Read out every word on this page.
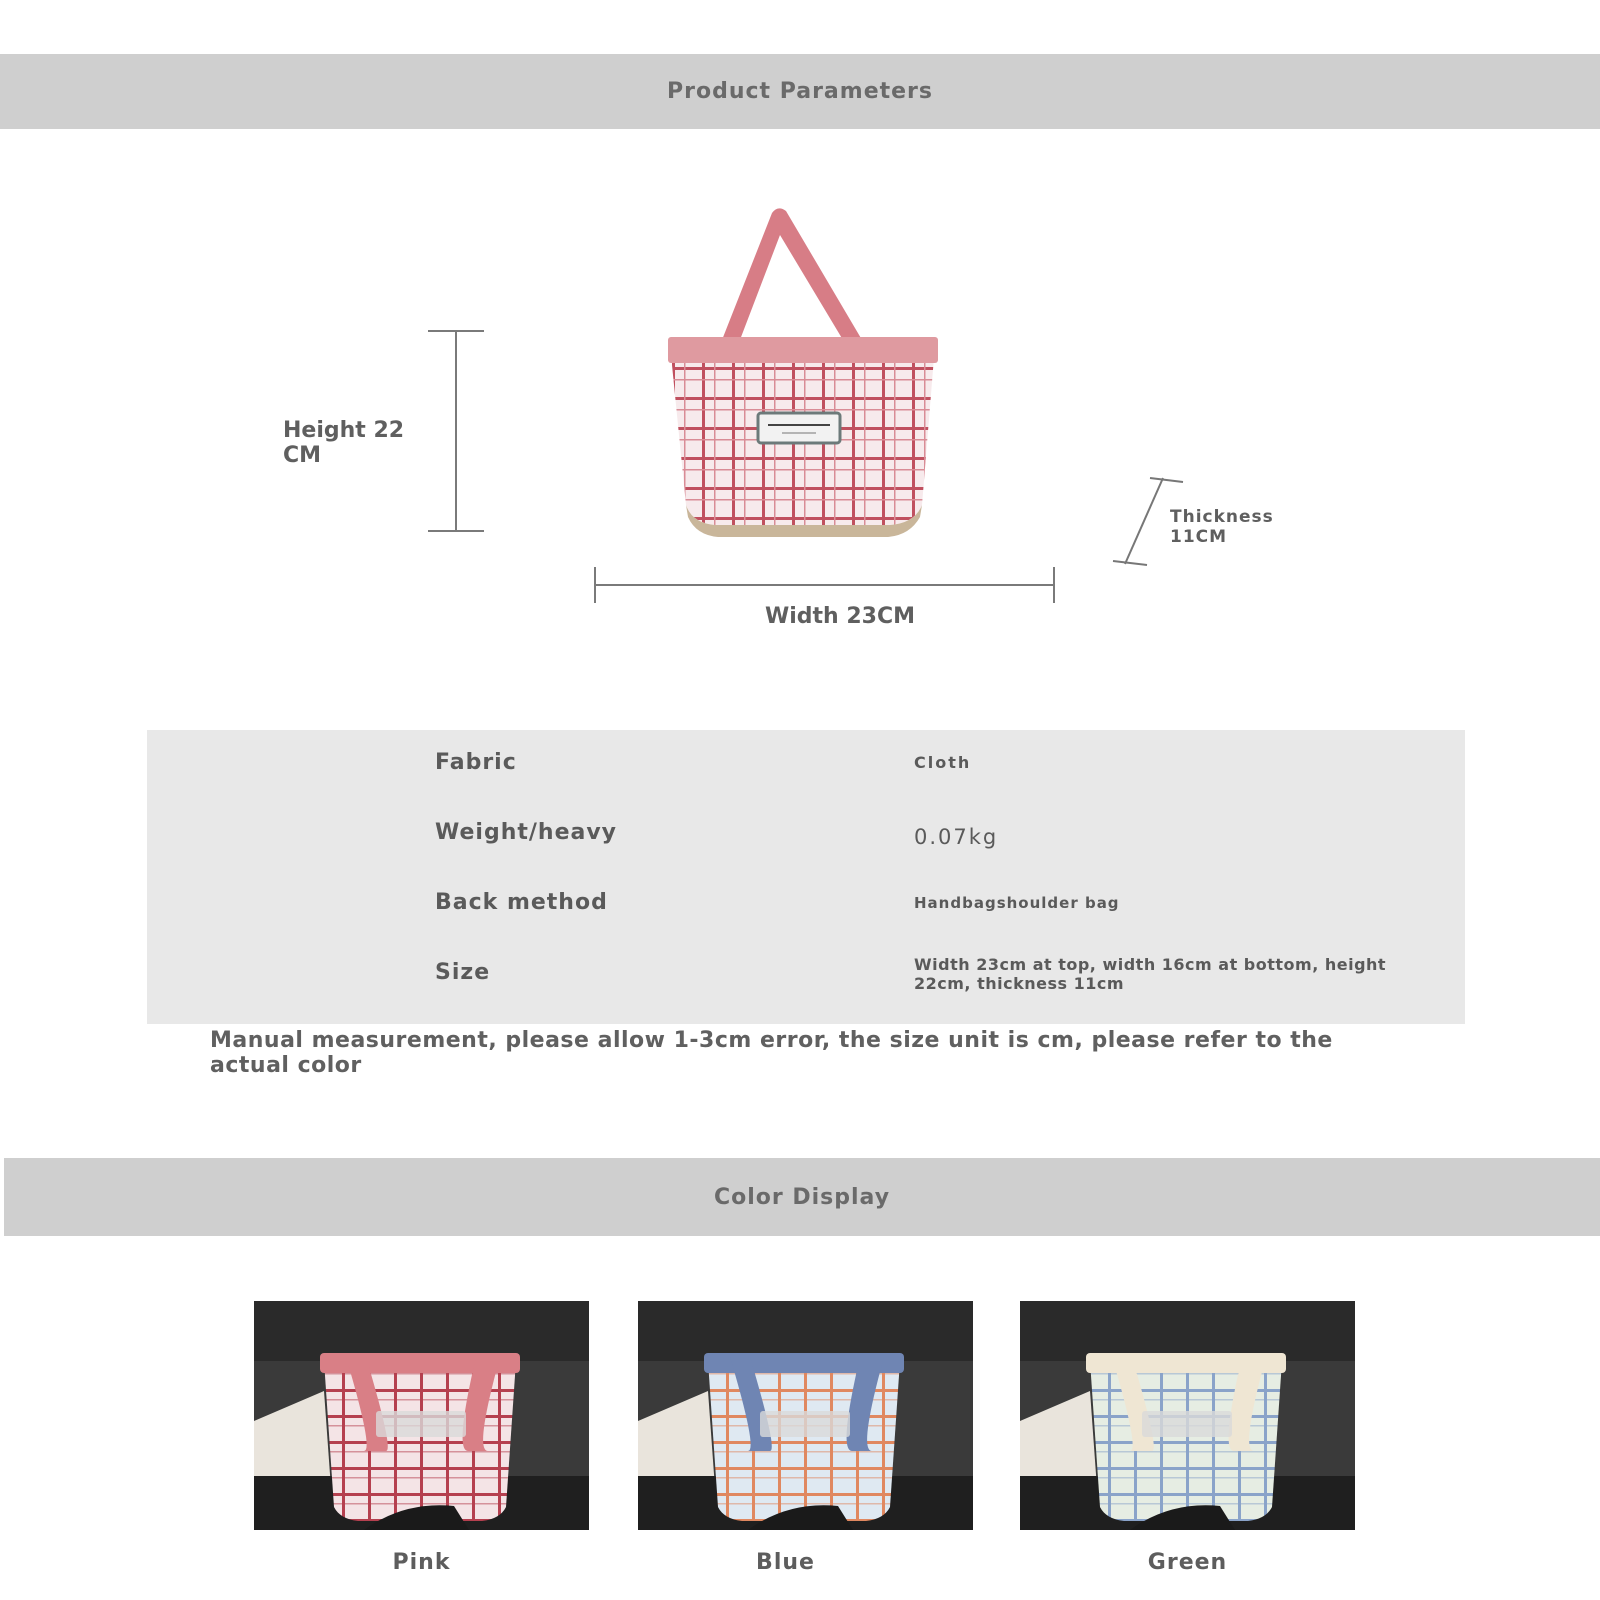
Product Parameters
Height 22 CM
Width 23CM
Thickness 11CM
Fabric	Cloth
Weight/heavy	0.07kg
Back method	Handbagshoulder bag
Size	Width 23cm at top, width 16cm at bottom, height 22cm, thickness 11cm
Manual measurement, please allow 1-3cm error, the size unit is cm, please refer to the actual color
Color Display
Pink	Blue	Green
